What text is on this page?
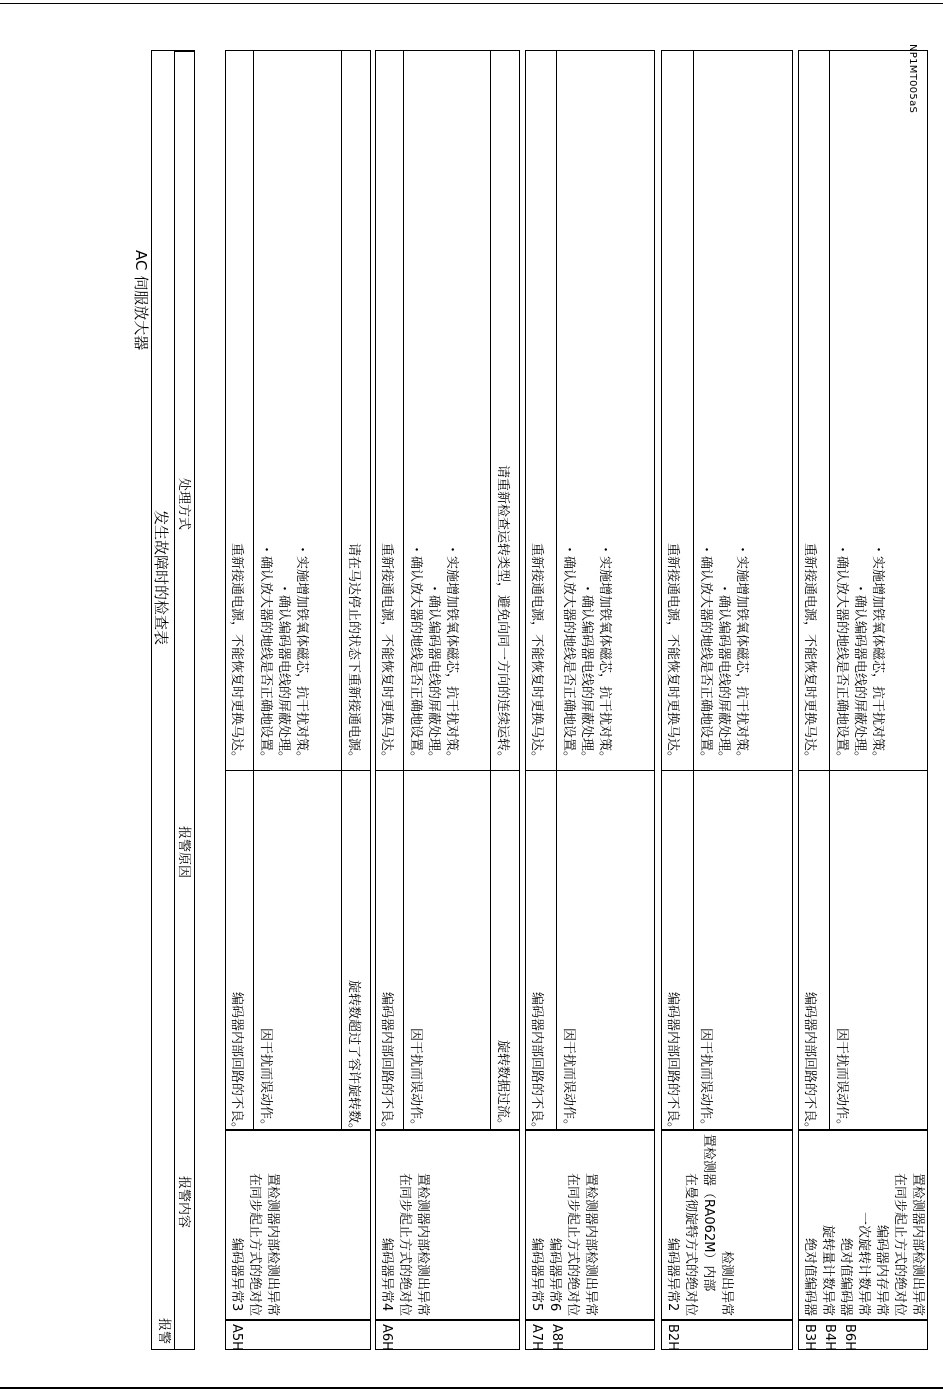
发生故障时的检查表
AC 伺服放大器
NP1MT005aS
报警
报警内容
报警原因
处理方式
编码器内部回路的不良。
重新接通电源，不能恢复时更换马达。
因干扰而误动作。
・确认放大器的地线是否正确地设置。 ・确认编码器电线的屏蔽处理。 ・实施增加铁氧体磁芯，抗干扰对策。
旋转数超过了容许旋转数。
请在马达停止的状态下重新接通电源。
A5H
编码器异常3 在同步起止方式的绝对位 置检测器内部检测出异常
编码器内部回路的不良。
重新接通电源，不能恢复时更换马达。
因干扰而误动作。
・确认放大器的地线是否正确地设置。 ・确认编码器电线的屏蔽处理。 ・实施增加铁氧体磁芯，抗干扰对策。
旋转数据过流。
请重新检查运转类型，避免向同一方向的连续运转。
A6H
编码器异常4 在同步起止方式的绝对位 置检测器内部检测出异常
编码器内部回路的不良。
重新接通电源，不能恢复时更换马达。
因干扰而误动作。
・确认放大器的地线是否正确地设置。 ・确认编码器电线的屏蔽处理。 ・实施增加铁氧体磁芯，抗干扰对策。
A7H A8H
编码器异常5 编码器异常6 在同步起止方式的绝对位 置检测器内部检测出异常
编码器内部回路的不良。
重新接通电源，不能恢复时更换马达。
因干扰而误动作。
・确认放大器的地线是否正确地设置。 ・确认编码器电线的屏蔽处理。 ・实施增加铁氧体磁芯，抗干扰对策。
B2H
编码器异常2 在曼彻旋特方式的绝对位 置检测器（RA062M）内部 检测出异常
编码器内部回路的不良。
重新接通电源，不能恢复时更换马达。
因干扰而误动作。
・确认放大器的地线是否正确地设置。 ・确认编码器电线的屏蔽处理。 ・实施增加铁氧体磁芯，抗干扰对策。
B3H B4H B6H
绝对值编码器 　旋转量计数异常 绝对值编码器 　一次旋转计数异常 编码器内存异常 在同步起止方式的绝对位 置检测器内部检测出异常
